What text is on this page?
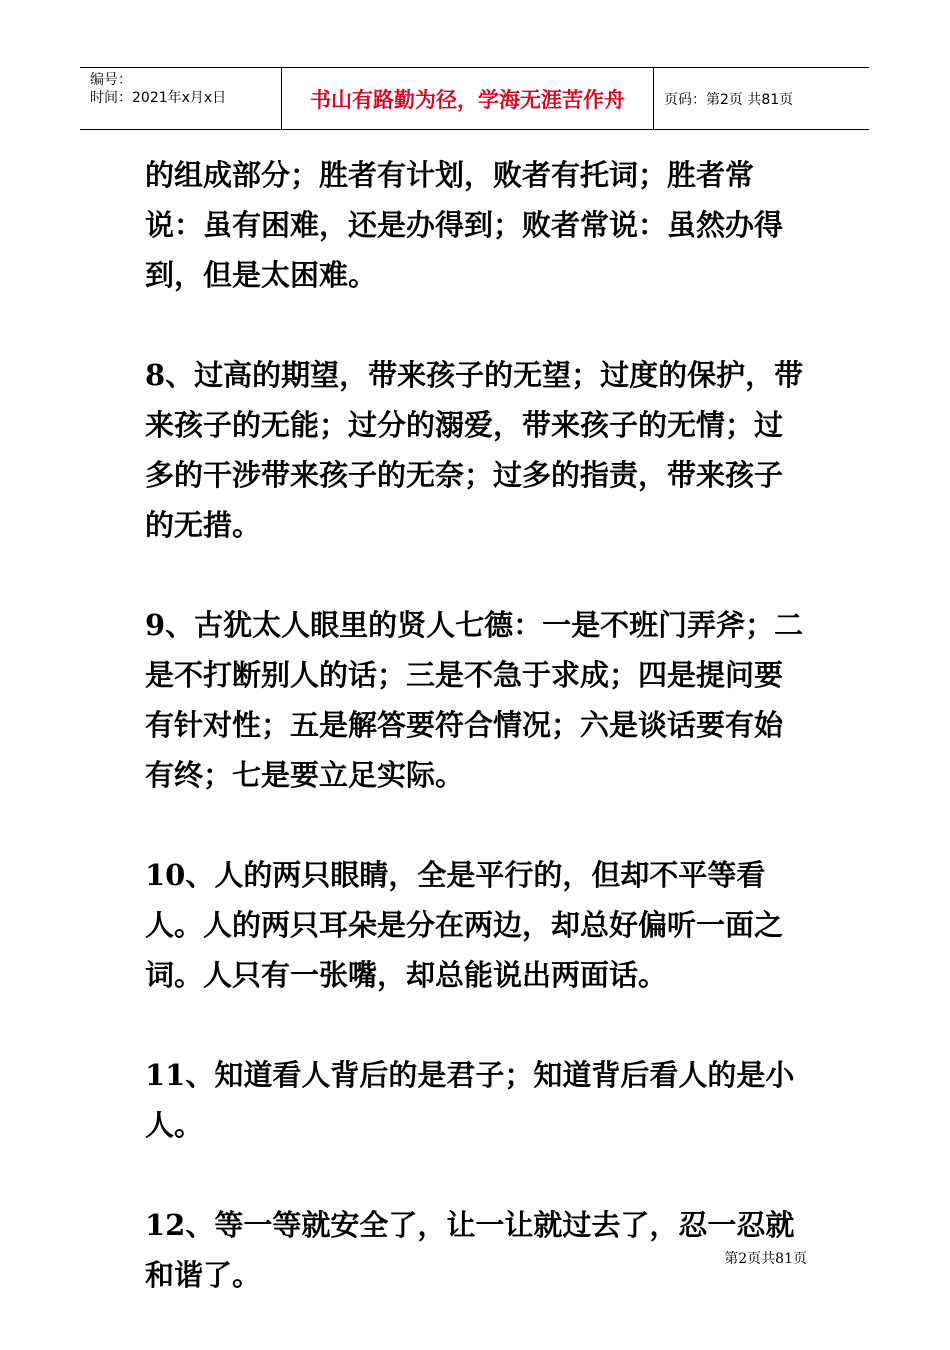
编号：
时间：2021年x月x日	书山有路勤为径，学海无涯苦作舟	页码：第2页 共81页

的组成部分；胜者有计划，败者有托词；胜者常说：虽有困难，还是办得到；败者常说：虽然办得到，但是太困难。

8、过高的期望，带来孩子的无望；过度的保护，带来孩子的无能；过分的溺爱，带来孩子的无情；过多的干涉带来孩子的无奈；过多的指责，带来孩子的无措。

9、古犹太人眼里的贤人七德：一是不班门弄斧；二是不打断别人的话；三是不急于求成；四是提问要有针对性；五是解答要符合情况；六是谈话要有始有终；七是要立足实际。

10、人的两只眼睛，全是平行的，但却不平等看人。人的两只耳朵是分在两边，却总好偏听一面之词。人只有一张嘴，却总能说出两面话。

11、知道看人背后的是君子；知道背后看人的是小人。

12、等一等就安全了，让一让就过去了，忍一忍就和谐了。	第2页共81页
